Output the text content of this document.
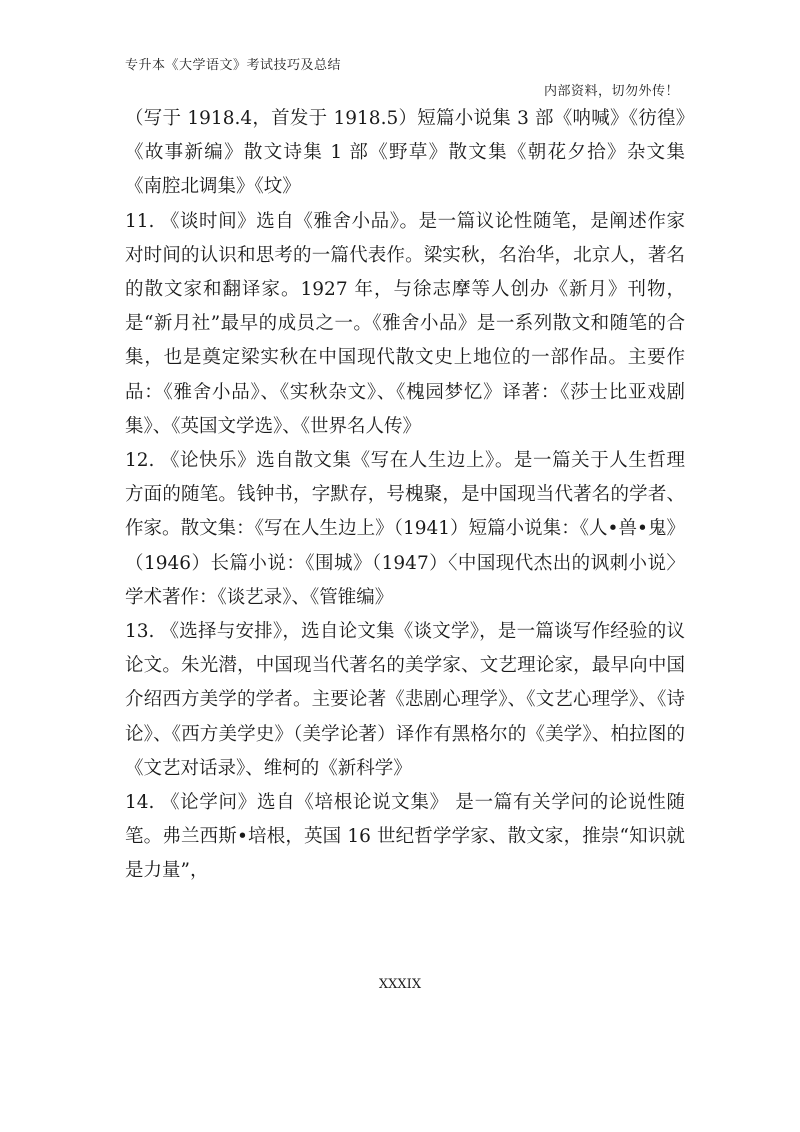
专升本《大学语文》考试技巧及总结
内部资料，切勿外传！

（写于 1918.4，首发于 1918.5）短篇小说集 3 部《呐喊》《彷徨》《故事新编》散文诗集 1 部《野草》散文集《朝花夕拾》杂文集《南腔北调集》《坟》

11. 《谈时间》选自《雅舍小品》。是一篇议论性随笔，是阐述作家对时间的认识和思考的一篇代表作。梁实秋，名治华，北京人，著名的散文家和翻译家。1927 年，与徐志摩等人创办《新月》刊物，是“新月社”最早的成员之一。《雅舍小品》是一系列散文和随笔的合集，也是奠定梁实秋在中国现代散文史上地位的一部作品。主要作品：《雅舍小品》、《实秋杂文》、《槐园梦忆》译著：《莎士比亚戏剧集》、《英国文学选》、《世界名人传》

12. 《论快乐》选自散文集《写在人生边上》。是一篇关于人生哲理方面的随笔。钱钟书，字默存，号槐聚，是中国现当代著名的学者、作家。散文集：《写在人生边上》（1941）短篇小说集：《人•兽•鬼》（1946）长篇小说：《围城》（1947）〈中国现代杰出的讽刺小说〉学术著作：《谈艺录》、《管锥编》

13. 《选择与安排》，选自论文集《谈文学》，是一篇谈写作经验的议论文。朱光潜，中国现当代著名的美学家、文艺理论家，最早向中国介绍西方美学的学者。主要论著《悲剧心理学》、《文艺心理学》、《诗论》、《西方美学史》（美学论著）译作有黑格尔的《美学》、柏拉图的《文艺对话录》、维柯的《新科学》

14. 《论学问》选自《培根论说文集》 是一篇有关学问的论说性随笔。弗兰西斯•培根，英国 16 世纪哲学学家、散文家，推崇“知识就是力量”，

XXXIX
